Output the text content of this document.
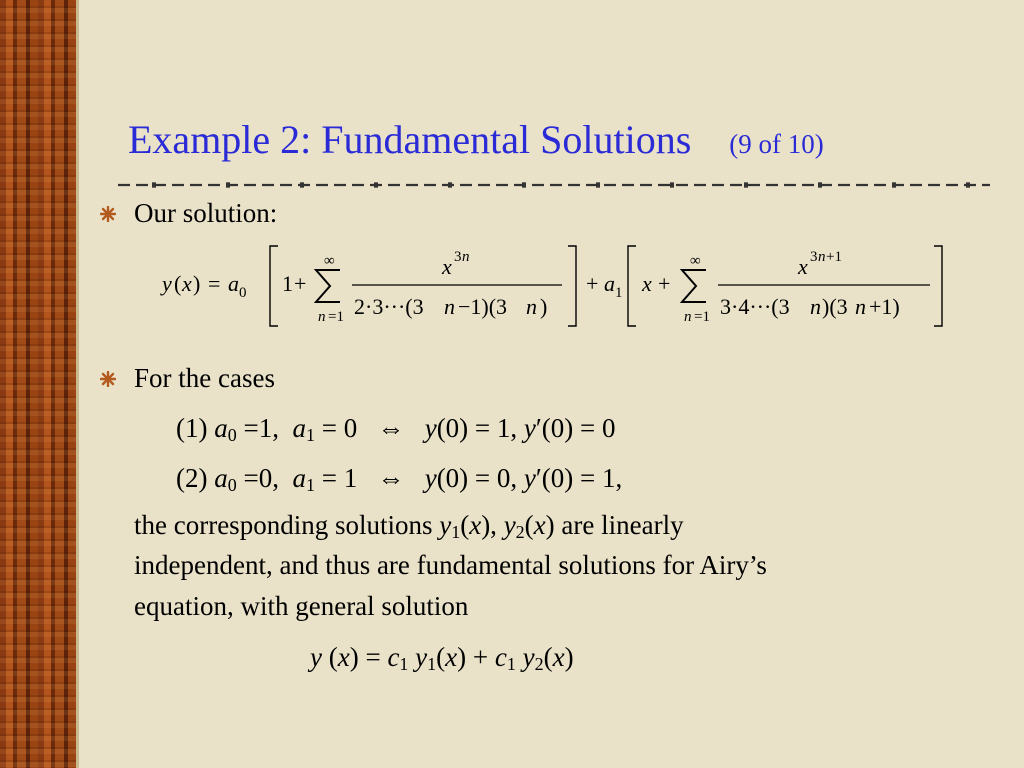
Example 2: Fundamental Solutions (9 of 10)
Our solution:
y ( x ) = a 0 1 +
∞
n =1
x 3 n
2·3···(3 n −1)(3 n )
+ a 1 x +
∞
n =1
x 3 n +1
3·4···(3 n )(3 n +1)
For the cases
(1) $a_0 =1$, $a_1 = 0$ ⇔ y(0) = 1, y′(0) = 0
(2) $a_0 =0$, $a_1 = 1$ ⇔ y(0) = 0, y′(0) = 1,
the corresponding solutions $y_1(x)$, $y_2(x)$ are linearly
independent, and thus are fundamental solutions for Airy’s
equation, with general solution
y $(x) = c_1$ $y_1(x) + c_1$ $y_2(x)$
